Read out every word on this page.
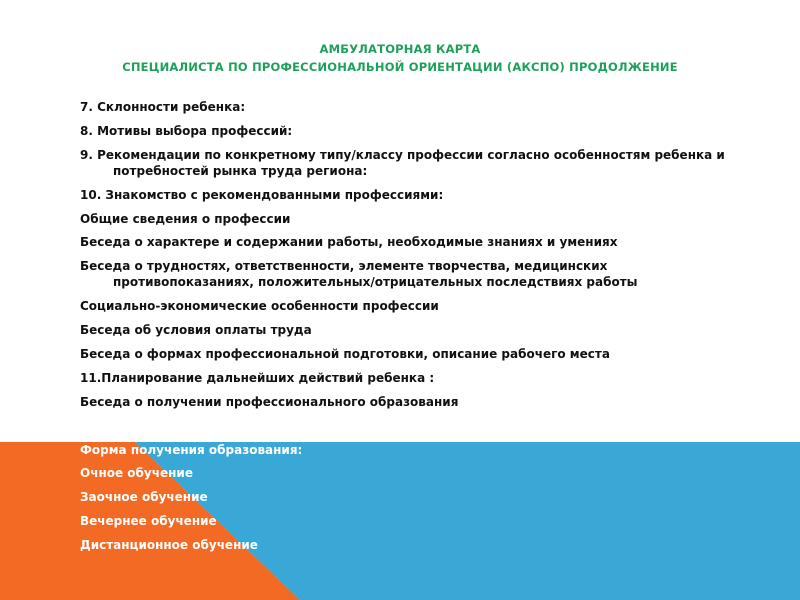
АМБУЛАТОРНАЯ КАРТА
СПЕЦИАЛИСТА ПО ПРОФЕССИОНАЛЬНОЙ ОРИЕНТАЦИИ (АКСПО) ПРОДОЛЖЕНИЕ
7. Склонности ребенка:
8. Мотивы выбора профессий:
9. Рекомендации по конкретному типу/классу профессии согласно особенностям ребенка и потребностей рынка труда региона:
10. Знакомство с рекомендованными профессиями:
Общие сведения о профессии
Беседа о характере и содержании работы, необходимые знаниях и умениях
Беседа о трудностях, ответственности, элементе творчества, медицинских противопоказаниях, положительных/отрицательных последствиях работы
Социально-экономические особенности профессии
Беседа об условия оплаты труда
Беседа о формах профессиональной подготовки, описание рабочего места
11.Планирование дальнейших действий ребенка :
Беседа о получении профессионального образования
Длительность обучения:
Форма получения образования:
Очное обучение
Заочное обучение
Вечернее обучение
Дистанционное обучение
